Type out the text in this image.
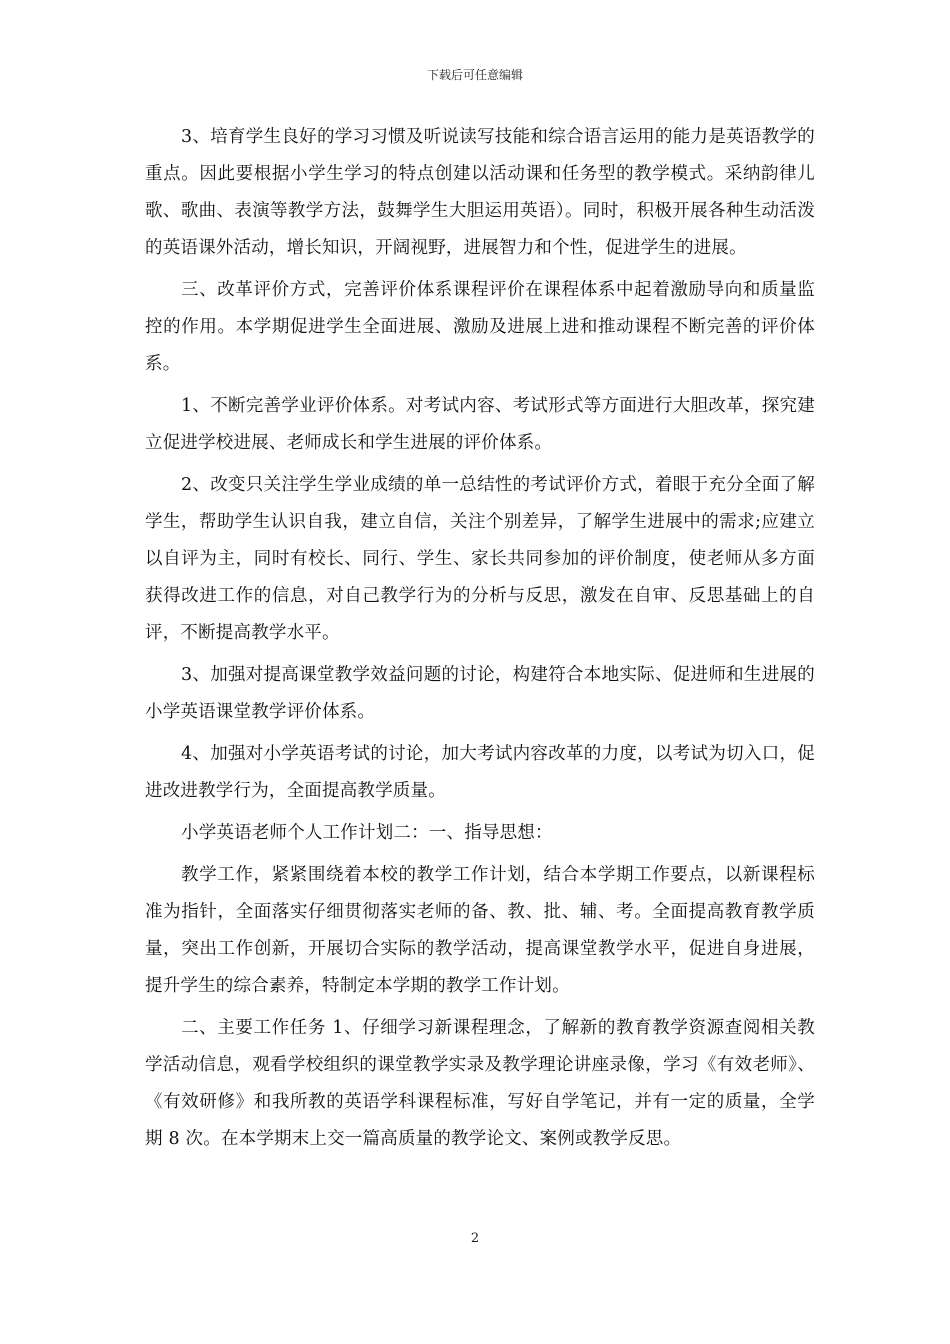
下载后可任意编辑

3、培育学生良好的学习习惯及听说读写技能和综合语言运用的能力是英语教学的重点。因此要根据小学生学习的特点创建以活动课和任务型的教学模式。采纳韵律儿歌、歌曲、表演等教学方法，鼓舞学生大胆运用英语）。同时，积极开展各种生动活泼的英语课外活动，增长知识，开阔视野，进展智力和个性，促进学生的进展。

三、改革评价方式，完善评价体系课程评价在课程体系中起着激励导向和质量监控的作用。本学期促进学生全面进展、激励及进展上进和推动课程不断完善的评价体系。

1、不断完善学业评价体系。对考试内容、考试形式等方面进行大胆改革，探究建立促进学校进展、老师成长和学生进展的评价体系。

2、改变只关注学生学业成绩的单一总结性的考试评价方式，着眼于充分全面了解学生，帮助学生认识自我，建立自信，关注个别差异，了解学生进展中的需求;应建立以自评为主，同时有校长、同行、学生、家长共同参加的评价制度，使老师从多方面获得改进工作的信息，对自己教学行为的分析与反思，激发在自审、反思基础上的自评，不断提高教学水平。

3、加强对提高课堂教学效益问题的讨论，构建符合本地实际、促进师和生进展的小学英语课堂教学评价体系。

4、加强对小学英语考试的讨论，加大考试内容改革的力度，以考试为切入口，促进改进教学行为，全面提高教学质量。

小学英语老师个人工作计划二：一、指导思想：

教学工作，紧紧围绕着本校的教学工作计划，结合本学期工作要点，以新课程标准为指针，全面落实仔细贯彻落实老师的备、教、批、辅、考。全面提高教育教学质量，突出工作创新，开展切合实际的教学活动，提高课堂教学水平，促进自身进展，提升学生的综合素养，特制定本学期的教学工作计划。

二、主要工作任务 1、仔细学习新课程理念，了解新的教育教学资源查阅相关教学活动信息，观看学校组织的课堂教学实录及教学理论讲座录像，学习《有效老师》、《有效研修》和我所教的英语学科课程标准，写好自学笔记，并有一定的质量，全学期 8 次。在本学期末上交一篇高质量的教学论文、案例或教学反思。

2
